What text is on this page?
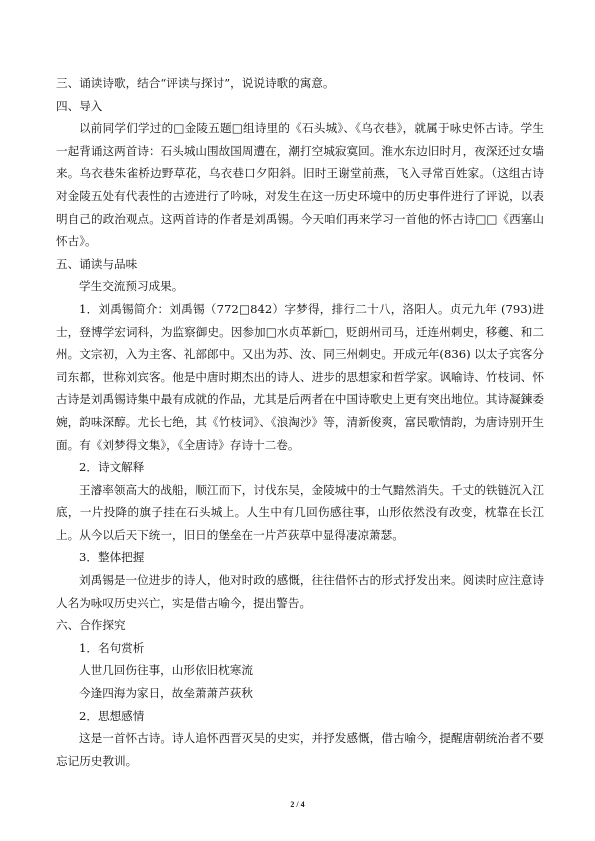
三、诵读诗歌，结合“评读与探讨”，说说诗歌的寓意。

四、导入

以前同学们学过的□金陵五题□组诗里的《石头城》、《乌衣巷》，就属于咏史怀古诗。学生一起背诵这两首诗：石头城山围故国周遭在，潮打空城寂寞回。淮水东边旧时月，夜深还过女墙来。乌衣巷朱雀桥边野草花，乌衣巷口夕阳斜。旧时王谢堂前燕，飞入寻常百姓家。（这组古诗对金陵五处有代表性的古迹进行了吟咏，对发生在这一历史环境中的历史事件进行了评说，以表明自己的政治观点。这两首诗的作者是刘禹锡。今天咱们再来学习一首他的怀古诗□□《西塞山怀古》。

五、诵读与品味

学生交流预习成果。

1．刘禹锡简介：刘禹锡（772□842）字梦得，排行二十八，洛阳人。贞元九年 (793)进士，登博学宏词科，为监察御史。因参加□水贞革新□，贬朗州司马，迁连州刺史，移夔、和二州。文宗初，入为主客、礼部郎中。又出为苏、汝、同三州刺史。开成元年(836) 以太子宾客分司东都，世称刘宾客。他是中唐时期杰出的诗人、进步的思想家和哲学家。讽喻诗、竹枝词、怀古诗是刘禹锡诗集中最有成就的作品，尤其是后两者在中国诗歌史上更有突出地位。其诗凝鍊委婉，韵味深醇。尤长七绝，其《竹枝词》、《浪淘沙》等，清新俊爽，富民歌情韵，为唐诗别开生面。有《刘梦得文集》，《全唐诗》存诗十二卷。

2．诗文解释

王濬率领高大的战船，顺江而下，讨伐东吴，金陵城中的士气黯然消失。千丈的铁链沉入江底，一片投降的旗子挂在石头城上。人生中有几回伤感往事，山形依然没有改变，枕靠在长江上。从今以后天下统一，旧日的堡垒在一片芦荻草中显得凄凉萧瑟。

3．整体把握

刘禹锡是一位进步的诗人，他对时政的感慨，往往借怀古的形式抒发出来。阅读时应注意诗人名为咏叹历史兴亡，实是借古喻今，提出警告。

六、合作探究

1．名句赏析

人世几回伤往事，山形依旧枕寒流

今逢四海为家日，故垒萧萧芦荻秋

2．思想感情

这是一首怀古诗。诗人追怀西晋灭吴的史实，并抒发感慨，借古喻今，提醒唐朝统治者不要忘记历史教训。

2 / 4
